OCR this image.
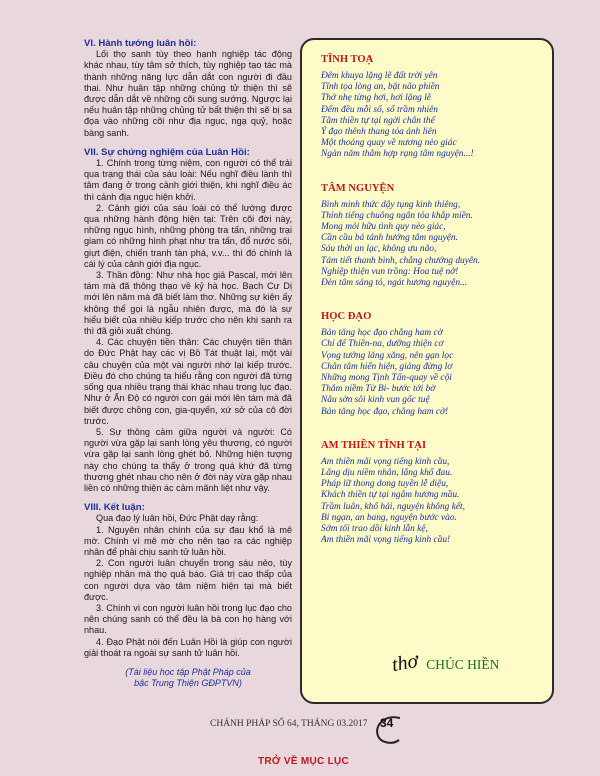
VI. Hành tướng luân hồi:

Lối thọ sanh tùy theo hạnh nghiệp tác động khác nhau, tùy tâm sở thích, tùy nghiệp tạo tác mà thành những năng lực dẫn dắt con người đi đầu thai. Như huân tập những chủng tử thiện thì sẽ được dẫn dắt về những cõi sung sướng. Ngược lại nếu huân tập những chủng tử bất thiện thì sẽ bị sa đọa vào những cõi như địa ngục, ngạ quỷ, hoặc bàng sanh.

VII. Sự chứng nghiệm của Luân Hồi:

1. Chính trong từng niệm, con người có thể trải qua trạng thái của sáu loài: Nếu nghĩ điều lành thì tâm đang ở trong cảnh giới thiện, khi nghĩ điều ác thì cảnh địa ngục hiện khởi.

2. Cảnh giới của sáu loài có thể lường được qua những hành động hiện tại: Trên cõi đời này, những ngục hình, những phòng tra tấn, những trại giam có những hình phạt như tra tấn, đổ nước sôi, giựt điện, chiến tranh tàn phá, v.v... thì đó chính là cái lý của cảnh giới địa ngục.

3. Thần đồng: Như nhà học giả Pascal, mới lên tám mà đã thông thạo về kỷ hà học. Bạch Cư Dị mới lên năm mà đã biết làm thơ. Những sự kiện ấy không thể gọi là ngẫu nhiên được, mà đó là sự hiểu biết của nhiều kiếp trước cho nên khi sanh ra thì đã giỏi xuất chúng.

4. Các chuyện tiền thân: Các chuyện tiền thân do Đức Phật hay các vị Bồ Tát thuật lại, một vài câu chuyện của một vài người nhớ lại kiếp trước. Điều đó cho chúng ta hiểu rằng con người đã từng sống qua nhiều trạng thái khác nhau trong lục đạo. Như ở Ấn Độ có người con gái mới lên tám mà đã biết được chồng con, gia-quyến, xứ sở của cô đời trước.

5. Sự thông cảm giữa người và người: Có người vừa gặp lại sanh lòng yêu thương, có người vừa gặp lại sanh lòng ghét bỏ. Những hiện tượng này cho chúng ta thấy ở trong quá khứ đã từng thương ghét nhau cho nên ở đời này vừa gặp nhau liền có những thiện ác cảm mãnh liệt như vậy.

VIII. Kết luận:

Qua đạo lý luân hồi, Đức Phật dạy rằng:

1. Nguyên nhân chính của sự đau khổ là mê mờ. Chính vì mê mờ cho nên tạo ra các nghiệp nhân để phải chịu sanh tử luân hồi.

2. Con người luân chuyển trong sáu nẻo, tùy nghiệp nhân mà thọ quả báo. Giá trị cao thấp của con người dựa vào tâm niệm hiện tại mà biết được.

3. Chính vì con người luân hồi trong lục đạo cho nên chúng sanh có thể đều là bà con họ hàng với nhau.

4. Đạo Phật nói đến Luân Hồi là giúp con người giải thoát ra ngoài sự sanh tử luân hồi.

(Tài liệu học tập Phật Pháp của
bậc Trung Thiện GĐPTVN)

TĨNH TOẠ

Đêm khuya lặng lẽ đất trời yên

Tĩnh tọa lòng an, bặt não phiền

Thở nhẹ từng hơi, hơi lặng lẽ

Đếm đều mỗi số, số trầm nhiên

Tâm thiền tự tại ngời chân thể

Ý đạo thênh thang tỏa ánh liên

Một thoáng quay về nương nẻo giác

Ngàn năm thắm hợp rạng tâm nguyện...!

TÂM NGUYỆN

Bình minh thức dậy tụng kinh thiêng,

Thỉnh tiếng chuông ngân tỏa khắp miền.

Mong mỏi hữu tình quy nẻo giác,

Cần cầu bá tánh hướng tâm nguyện.

Sáu thời an lạc, không ưu não,

Tám tiết thanh bình, chẳng chướng duyên.

Nghiệp thiện vun trồng: Hoa tuệ nở!

Đèn tâm sáng tỏ, ngát hương nguyện...

HỌC ĐẠO

Bản tăng học đạo chẳng ham cờ

Chỉ để Thiền-na, dưỡng thiện cơ

Vọng tưởng lăng xăng, nên gạn lọc

Chân tâm hiển hiện, giảng đừng lơ

Những mong Tịnh Tấn-quay về cội

Thắm niềm Từ Bi- bước tới bờ

Nâu sờn sôi kinh vun gốc tuệ

Bản tăng học đạo, chẳng ham cờ!

AM THIỀN TĨNH TẠI

Am thiền mãi vọng tiếng kinh cầu,

Lắng dịu niềm nhân, lắng khổ đau.

Pháp lữ thong dong tuyền lễ diệu,

Khách thiền tự tại ngắm hương mầu.

Trầm luân, khổ hải, nguyện không kết,

Bỉ ngạn, an bang, nguyện bước vào.

Sớm tối trao dồi kinh lẫn kệ,

Am thiền mãi vọng tiếng kinh cầu!

thơ CHÚC HIỀN
CHÁNH PHÁP SỐ 64, THÁNG 03.2017 34
TRỞ VỀ MỤC LỤC
